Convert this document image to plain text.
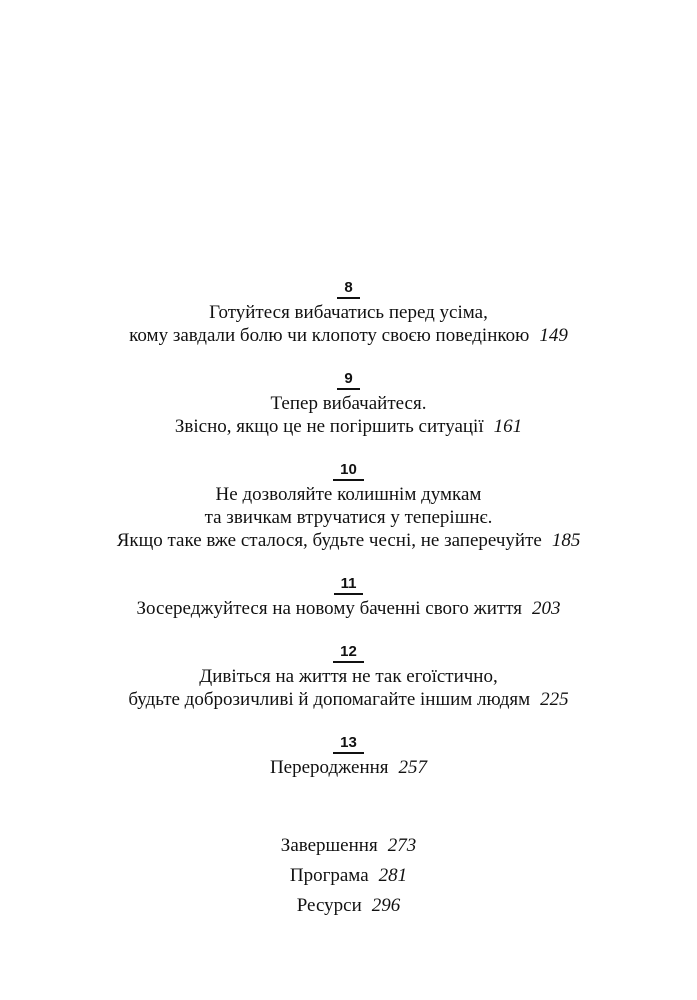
8
Готуйтеся вибачатись перед усіма,
кому завдали болю чи клопоту своєю поведінкою 149
9
Тепер вибачайтеся.
Звісно, якщо це не погіршить ситуації 161
10
Не дозволяйте колишнім думкам
та звичкам втручатися у теперішнє.
Якщо таке вже сталося, будьте чесні, не заперечуйте 185
11
Зосереджуйтеся на новому баченні свого життя 203
12
Дивіться на життя не так егоїстично,
будьте доброзичливі й допомагайте іншим людям 225
13
Переродження 257
Завершення 273
Програма 281
Ресурси 296
